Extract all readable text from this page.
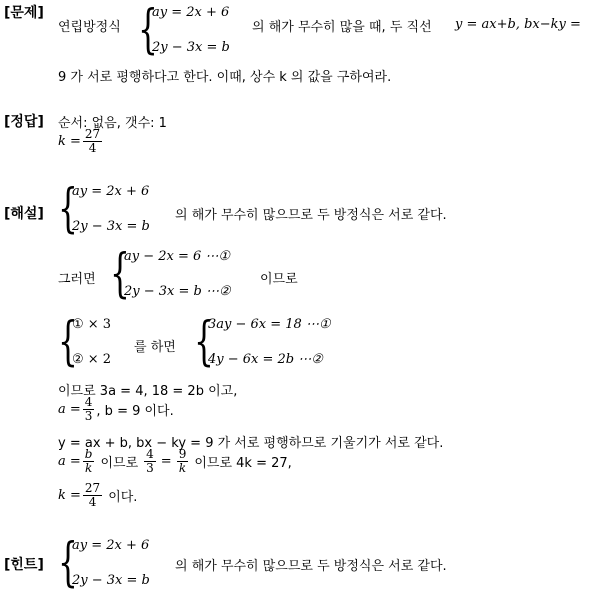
[문제]
연립방정식 {
ay = 2x + 6
2y − 3x = b
의 해가 무수히 많을 때, 두 직선 y = ax+b, bx−ky =
9 가 서로 평행하다고 한다. 이때, 상수 k 의 값을 구하여라.
[정답] 순서: 없음, 갯수: 1
$k = \frac{27}{4}$
[해설] {
ay = 2x + 6
2y − 3x = b
의 해가 무수히 많으므로 두 방정식은 서로 같다.
그러면 {
ay − 2x = 6 ⋯①
2y − 3x = b ⋯②
이므로
{
① × 3
② × 2
를 하면 {
3ay − 6x = 18 ⋯①
4y − 6x = 2b ⋯②
이므로 3a = 4, 18 = 2b 이고,
$a = \frac{4}{3}$ , b = 9 이다.
y = ax + b, bx − ky = 9 가 서로 평행하므로 기울기가 서로 같다.
$a = \frac{b}{k}$ 이므로 $\frac{4}{3} = \frac{9}{k}$ 이므로 4k = 27,
$k = \frac{27}{4}$ 이다.
[힌트] {
ay = 2x + 6
2y − 3x = b
의 해가 무수히 많으므로 두 방정식은 서로 같다.
